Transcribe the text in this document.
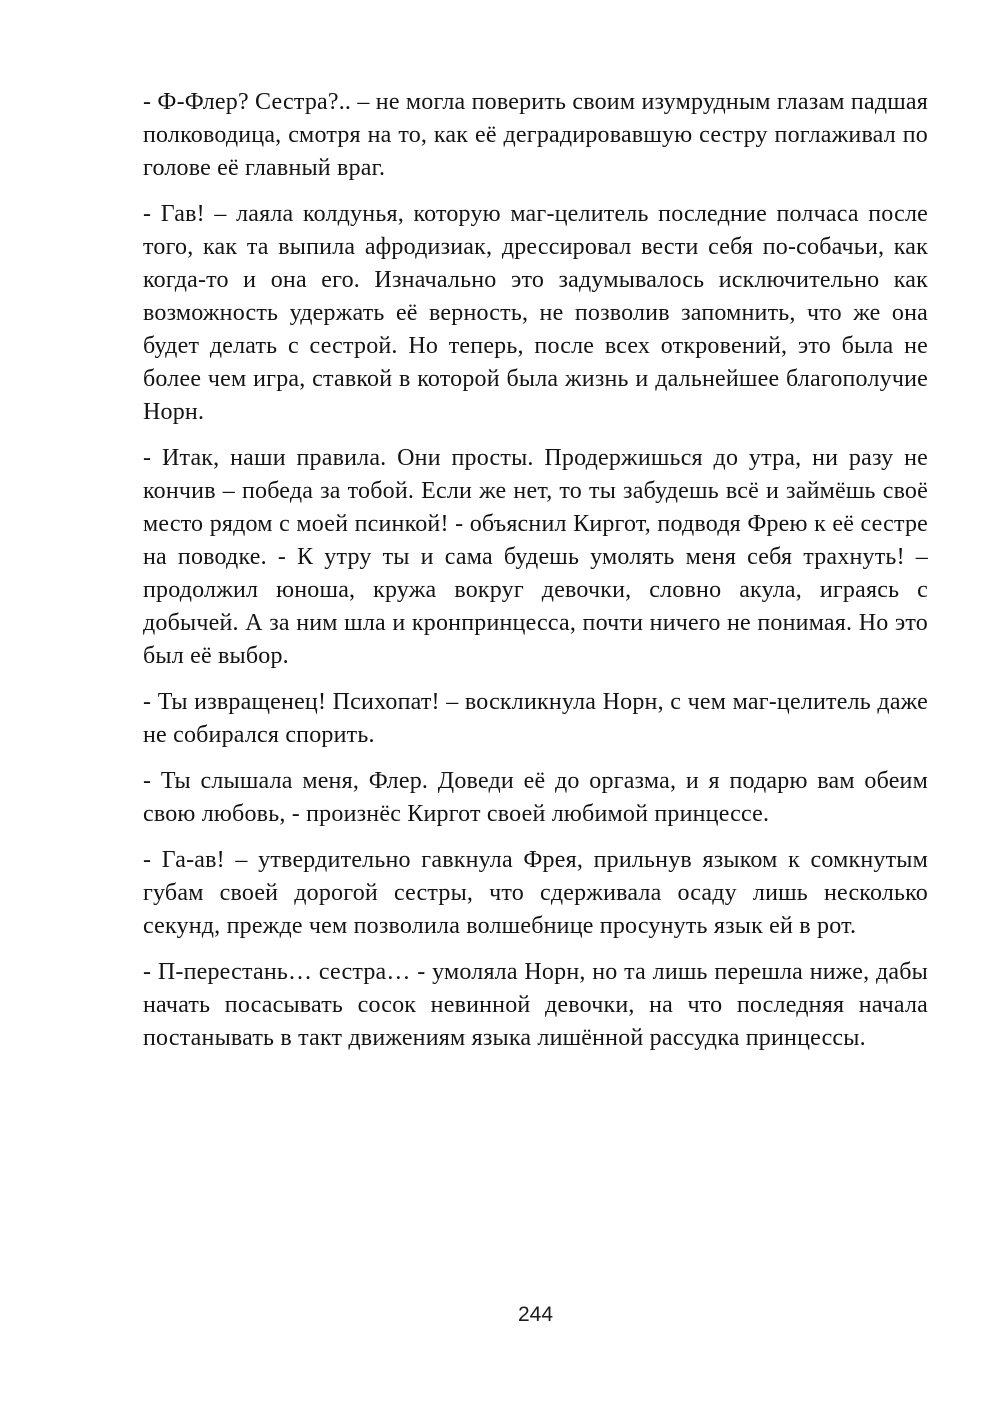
- Ф-Флер? Сестра?.. – не могла поверить своим изумрудным глазам падшая полководица, смотря на то, как её деградировавшую сестру поглаживал по голове её главный враг.

- Гав! – лаяла колдунья, которую маг-целитель последние полчаса после того, как та выпила афродизиак, дрессировал вести себя по-собачьи, как когда-то и она его. Изначально это задумывалось исключительно как возможность удержать её верность, не позволив запомнить, что же она будет делать с сестрой. Но теперь, после всех откровений, это была не более чем игра, ставкой в которой была жизнь и дальнейшее благополучие Норн.

- Итак, наши правила. Они просты. Продержишься до утра, ни разу не кончив – победа за тобой. Если же нет, то ты забудешь всё и займёшь своё место рядом с моей псинкой! - объяснил Киргот, подводя Фрею к её сестре на поводке. - К утру ты и сама будешь умолять меня себя трахнуть! – продолжил юноша, кружа вокруг девочки, словно акула, играясь с добычей. А за ним шла и кронпринцесса, почти ничего не понимая. Но это был её выбор.

- Ты извращенец! Психопат! – воскликнула Норн, с чем маг-целитель даже не собирался спорить.

- Ты слышала меня, Флер. Доведи её до оргазма, и я подарю вам обеим свою любовь, - произнёс Киргот своей любимой принцессе.

- Га-ав! – утвердительно гавкнула Фрея, прильнув языком к сомкнутым губам своей дорогой сестры, что сдерживала осаду лишь несколько секунд, прежде чем позволила волшебнице просунуть язык ей в рот.

- П-перестань… сестра… - умоляла Норн, но та лишь перешла ниже, дабы начать посасывать сосок невинной девочки, на что последняя начала постанывать в такт движениям языка лишённой рассудка принцессы.

244
